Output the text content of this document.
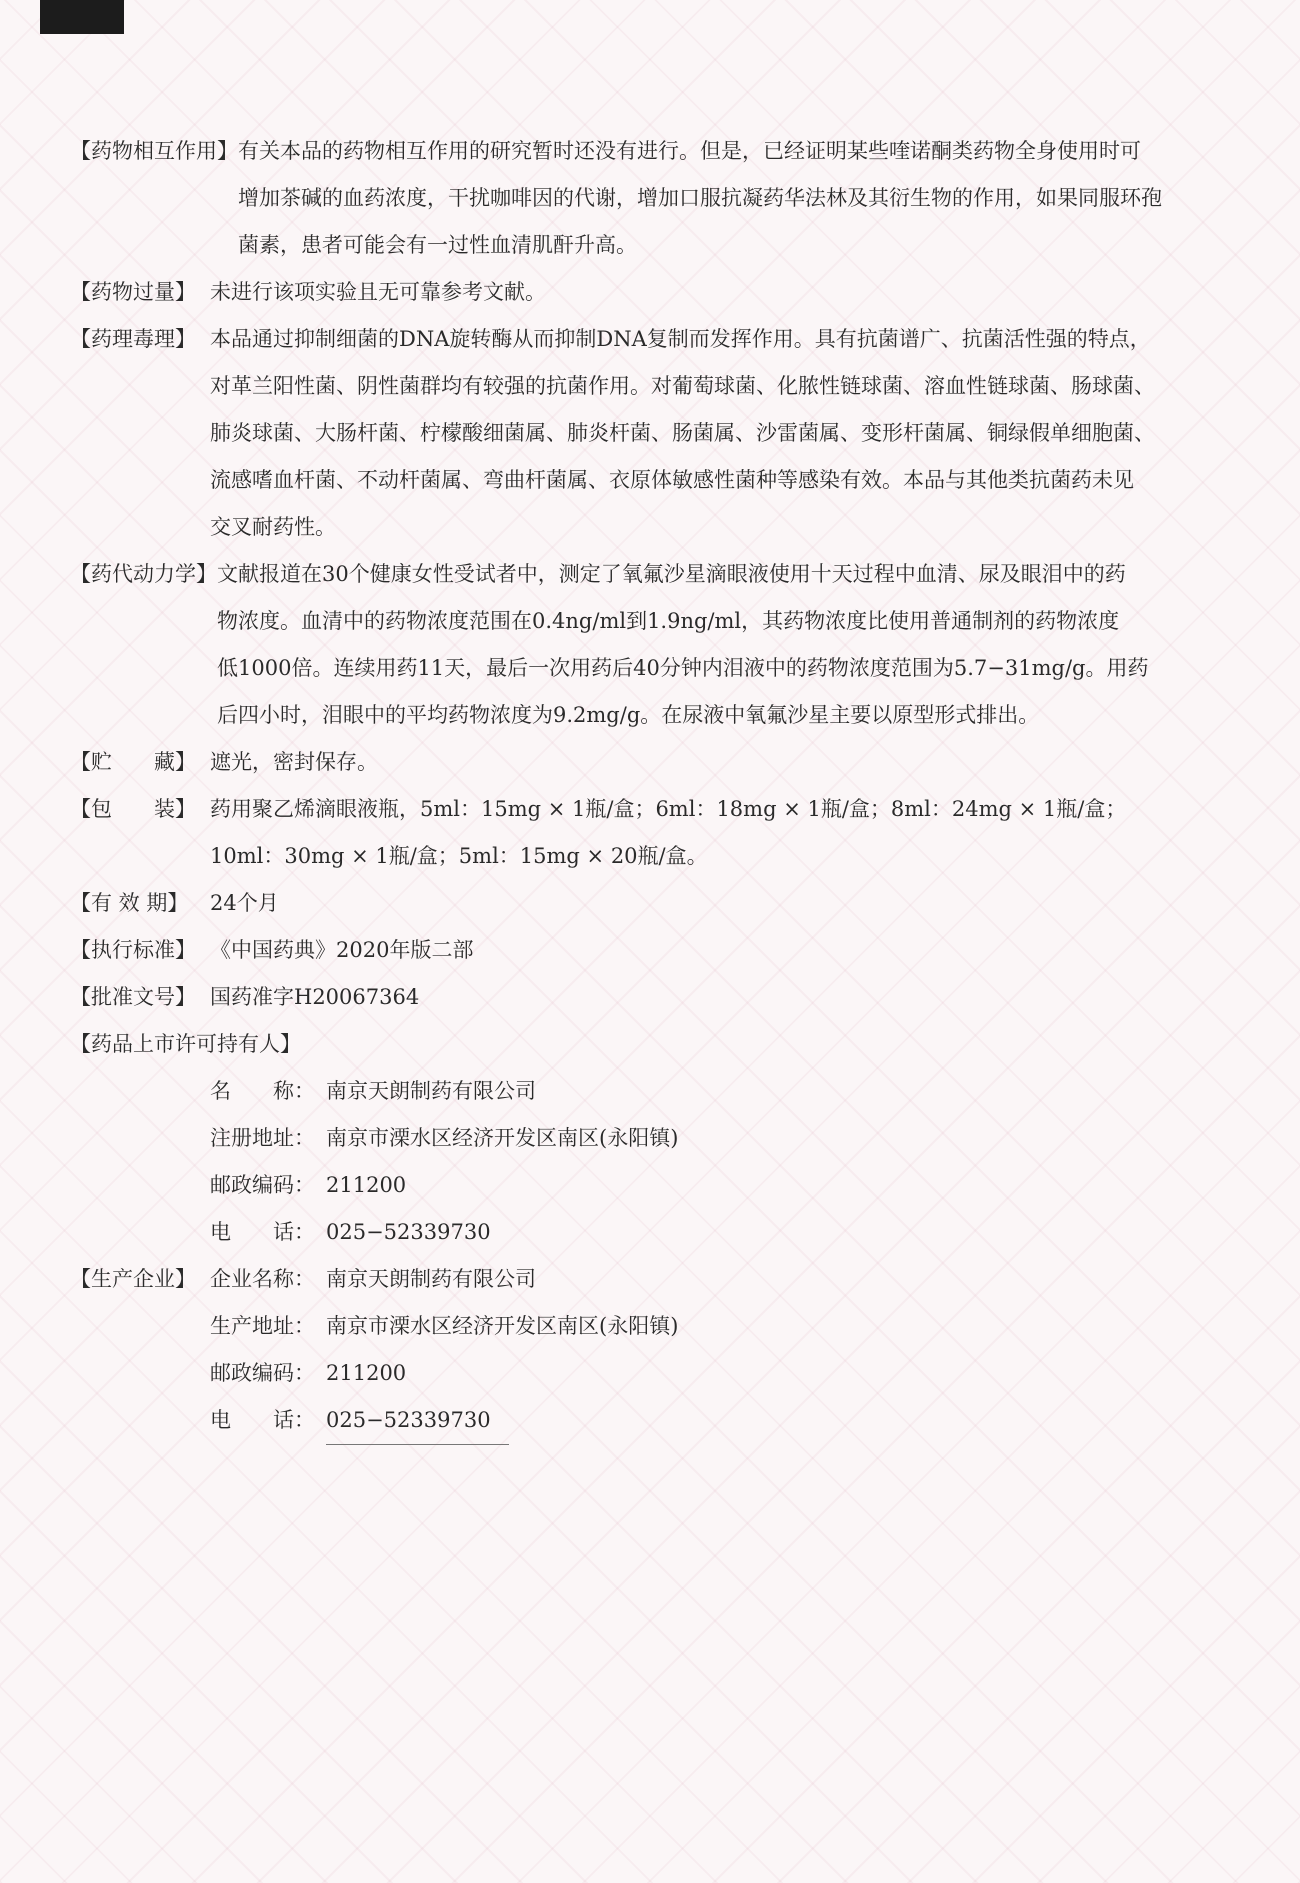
【药物相互作用】 有关本品的药物相互作用的研究暂时还没有进行。但是，已经证明某些喹诺酮类药物全身使用时可
增加茶碱的血药浓度，干扰咖啡因的代谢，增加口服抗凝药华法林及其衍生物的作用，如果同服环孢
菌素，患者可能会有一过性血清肌酐升高。
【药物过量】 未进行该项实验且无可靠参考文献。
【药理毒理】 本品通过抑制细菌的DNA旋转酶从而抑制DNA复制而发挥作用。具有抗菌谱广、抗菌活性强的特点，
对革兰阳性菌、阴性菌群均有较强的抗菌作用。对葡萄球菌、化脓性链球菌、溶血性链球菌、肠球菌、
肺炎球菌、大肠杆菌、柠檬酸细菌属、肺炎杆菌、肠菌属、沙雷菌属、变形杆菌属、铜绿假单细胞菌、
流感嗜血杆菌、不动杆菌属、弯曲杆菌属、衣原体敏感性菌种等感染有效。本品与其他类抗菌药未见
交叉耐药性。
【药代动力学】 文献报道在30个健康女性受试者中，测定了氧氟沙星滴眼液使用十天过程中血清、尿及眼泪中的药
物浓度。血清中的药物浓度范围在0.4ng/ml到1.9ng/ml，其药物浓度比使用普通制剂的药物浓度
低1000倍。连续用药11天，最后一次用药后40分钟内泪液中的药物浓度范围为5.7−31mg/g。用药
后四小时，泪眼中的平均药物浓度为9.2mg/g。在尿液中氧氟沙星主要以原型形式排出。
【贮　　藏】 遮光，密封保存。
【包　　装】 药用聚乙烯滴眼液瓶，5ml：15mg × 1瓶/盒；6ml：18mg × 1瓶/盒；8ml：24mg × 1瓶/盒；
10ml：30mg × 1瓶/盒；5ml：15mg × 20瓶/盒。
【有 效 期】	24个月
【执行标准】 《中国药典》2020年版二部
【批准文号】 国药准字H20067364
【药品上市许可持有人】
名　　称： 南京天朗制药有限公司
注册地址： 南京市溧水区经济开发区南区(永阳镇)
邮政编码： 211200
电　　话： 025−52339730
【生产企业】 企业名称： 南京天朗制药有限公司
生产地址： 南京市溧水区经济开发区南区(永阳镇)
邮政编码： 211200
电　　话： 025−52339730
